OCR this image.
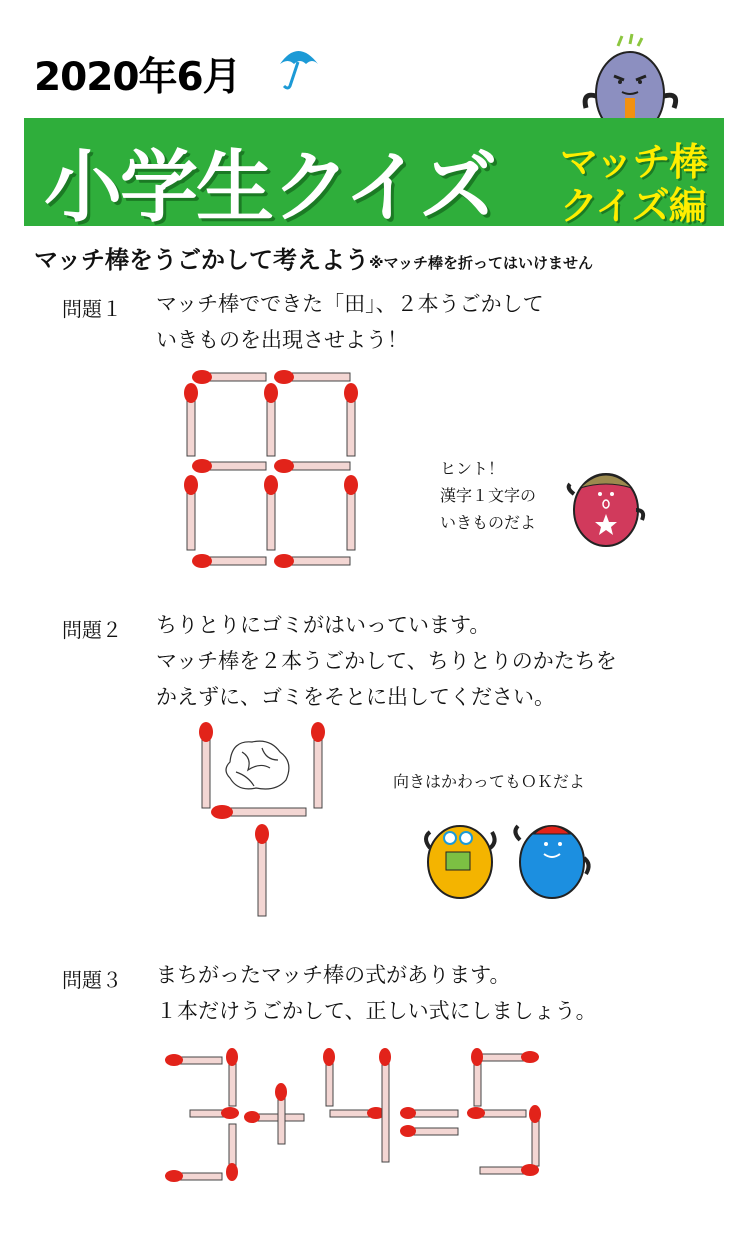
2020年6月
小学生クイズ マッチ棒
クイズ編
マッチ棒をうごかして考えよう※マッチ棒を折ってはいけません
問題１ マッチ棒でできた「田」、２本うごかして
いきものを出現させよう！
ヒント！
漢字１文字の
いきものだよ
問題２ ちりとりにゴミがはいっています。
マッチ棒を２本うごかして、ちりとりのかたちを
かえずに、ゴミをそとに出してください。
向きはかわってもＯＫだよ
問題３ まちがったマッチ棒の式があります。
１本だけうごかして、正しい式にしましょう。
